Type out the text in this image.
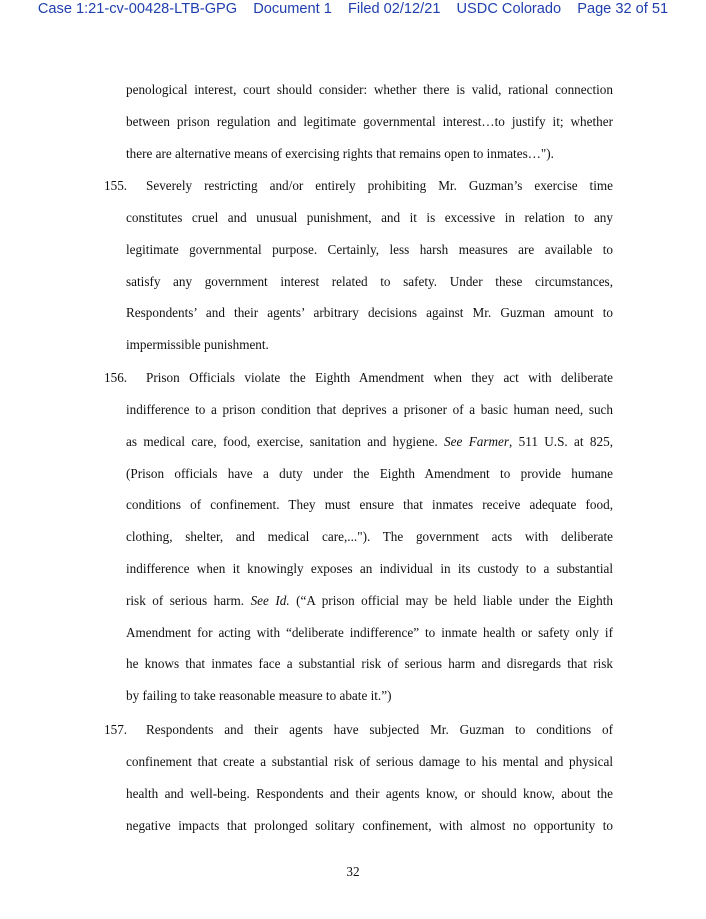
Case 1:21-cv-00428-LTB-GPG Document 1 Filed 02/12/21 USDC Colorado Page 32 of 51
penological interest, court should consider: whether there is valid, rational connection
between prison regulation and legitimate governmental interest…to justify it; whether
there are alternative means of exercising rights that remains open to inmates…").
155. Severely restricting and/or entirely prohibiting Mr. Guzman’s exercise time
constitutes cruel and unusual punishment, and it is excessive in relation to any
legitimate governmental purpose. Certainly, less harsh measures are available to
satisfy any government interest related to safety. Under these circumstances,
Respondents’ and their agents’ arbitrary decisions against Mr. Guzman amount to
impermissible punishment.
156. Prison Officials violate the Eighth Amendment when they act with deliberate
indifference to a prison condition that deprives a prisoner of a basic human need, such
as medical care, food, exercise, sanitation and hygiene. See Farmer, 511 U.S. at 825,
(Prison officials have a duty under the Eighth Amendment to provide humane
conditions of confinement. They must ensure that inmates receive adequate food,
clothing, shelter, and medical care,..."). The government acts with deliberate
indifference when it knowingly exposes an individual in its custody to a substantial
risk of serious harm. See Id. (“A prison official may be held liable under the Eighth
Amendment for acting with “deliberate indifference” to inmate health or safety only if
he knows that inmates face a substantial risk of serious harm and disregards that risk
by failing to take reasonable measure to abate it.”)
157. Respondents and their agents have subjected Mr. Guzman to conditions of
confinement that create a substantial risk of serious damage to his mental and physical
health and well-being. Respondents and their agents know, or should know, about the
negative impacts that prolonged solitary confinement, with almost no opportunity to
32
